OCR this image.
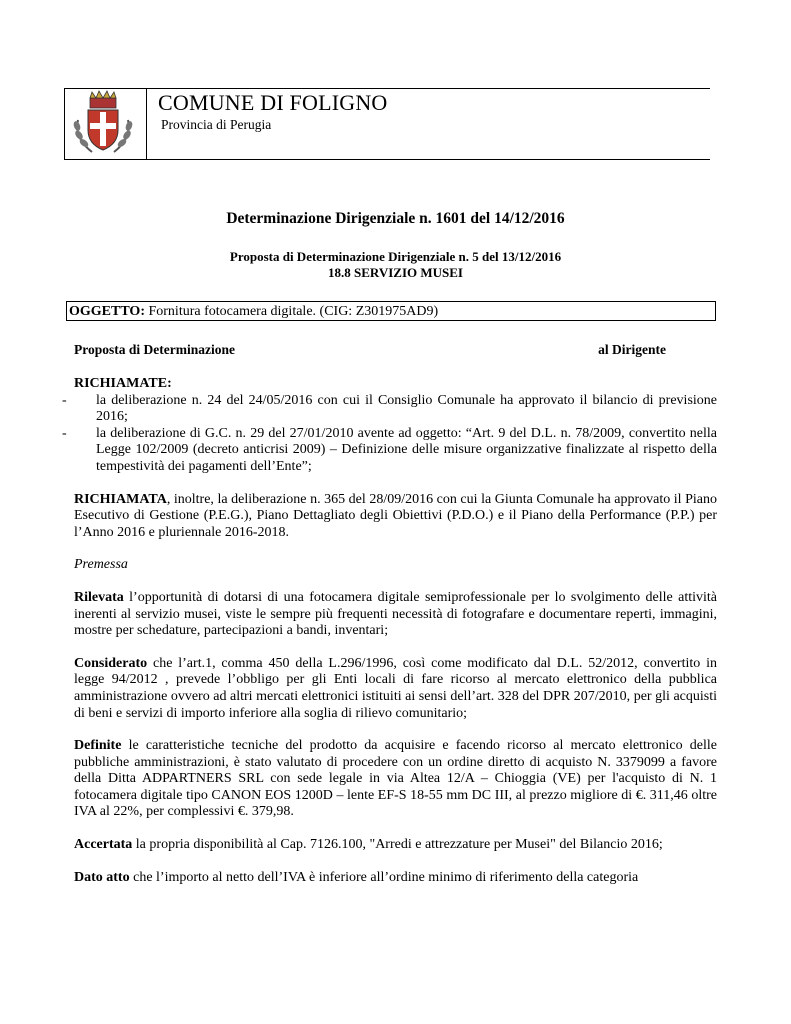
COMUNE DI FOLIGNO
Provincia di Perugia
Determinazione Dirigenziale n. 1601 del 14/12/2016
Proposta di Determinazione Dirigenziale n. 5 del 13/12/2016
18.8 SERVIZIO MUSEI
OGGETTO: Fornitura fotocamera digitale. (CIG: Z301975AD9)
Proposta di Determinazione	al Dirigente

RICHIAMATE:

- la deliberazione n. 24 del 24/05/2016 con cui il Consiglio Comunale ha approvato il bilancio di previsione 2016;

- la deliberazione di G.C. n. 29 del 27/01/2010 avente ad oggetto: “Art. 9 del D.L. n. 78/2009, convertito nella Legge 102/2009 (decreto anticrisi 2009) – Definizione delle misure organizzative finalizzate al rispetto della tempestività dei pagamenti dell’Ente”;

RICHIAMATA, inoltre, la deliberazione n. 365 del 28/09/2016 con cui la Giunta Comunale ha approvato il Piano Esecutivo di Gestione (P.E.G.), Piano Dettagliato degli Obiettivi (P.D.O.) e il Piano della Performance (P.P.) per l’Anno 2016 e pluriennale 2016-2018.

Premessa

Rilevata l’opportunità di dotarsi di una fotocamera digitale semiprofessionale per lo svolgimento delle attività inerenti al servizio musei, viste le sempre più frequenti necessità di fotografare e documentare reperti, immagini, mostre per schedature, partecipazioni a bandi, inventari;

Considerato che l’art.1, comma 450 della L.296/1996, così come modificato dal D.L. 52/2012, convertito in legge 94/2012 , prevede l’obbligo per gli Enti locali di fare ricorso al mercato elettronico della pubblica amministrazione ovvero ad altri mercati elettronici istituiti ai sensi dell’art. 328 del DPR 207/2010, per gli acquisti di beni e servizi di importo inferiore alla soglia di rilievo comunitario;

Definite le caratteristiche tecniche del prodotto da acquisire e facendo ricorso al mercato elettronico delle pubbliche amministrazioni, è stato valutato di procedere con un ordine diretto di acquisto N. 3379099 a favore della Ditta ADPARTNERS SRL con sede legale in via Altea 12/A – Chioggia (VE) per l'acquisto di N. 1 fotocamera digitale tipo CANON EOS 1200D – lente EF-S 18-55 mm DC III, al prezzo migliore di €. 311,46 oltre IVA al 22%, per complessivi €. 379,98.

Accertata la propria disponibilità al Cap. 7126.100, "Arredi e attrezzature per Musei" del Bilancio 2016;

Dato atto che l’importo al netto dell’IVA è inferiore all’ordine minimo di riferimento della categoria
